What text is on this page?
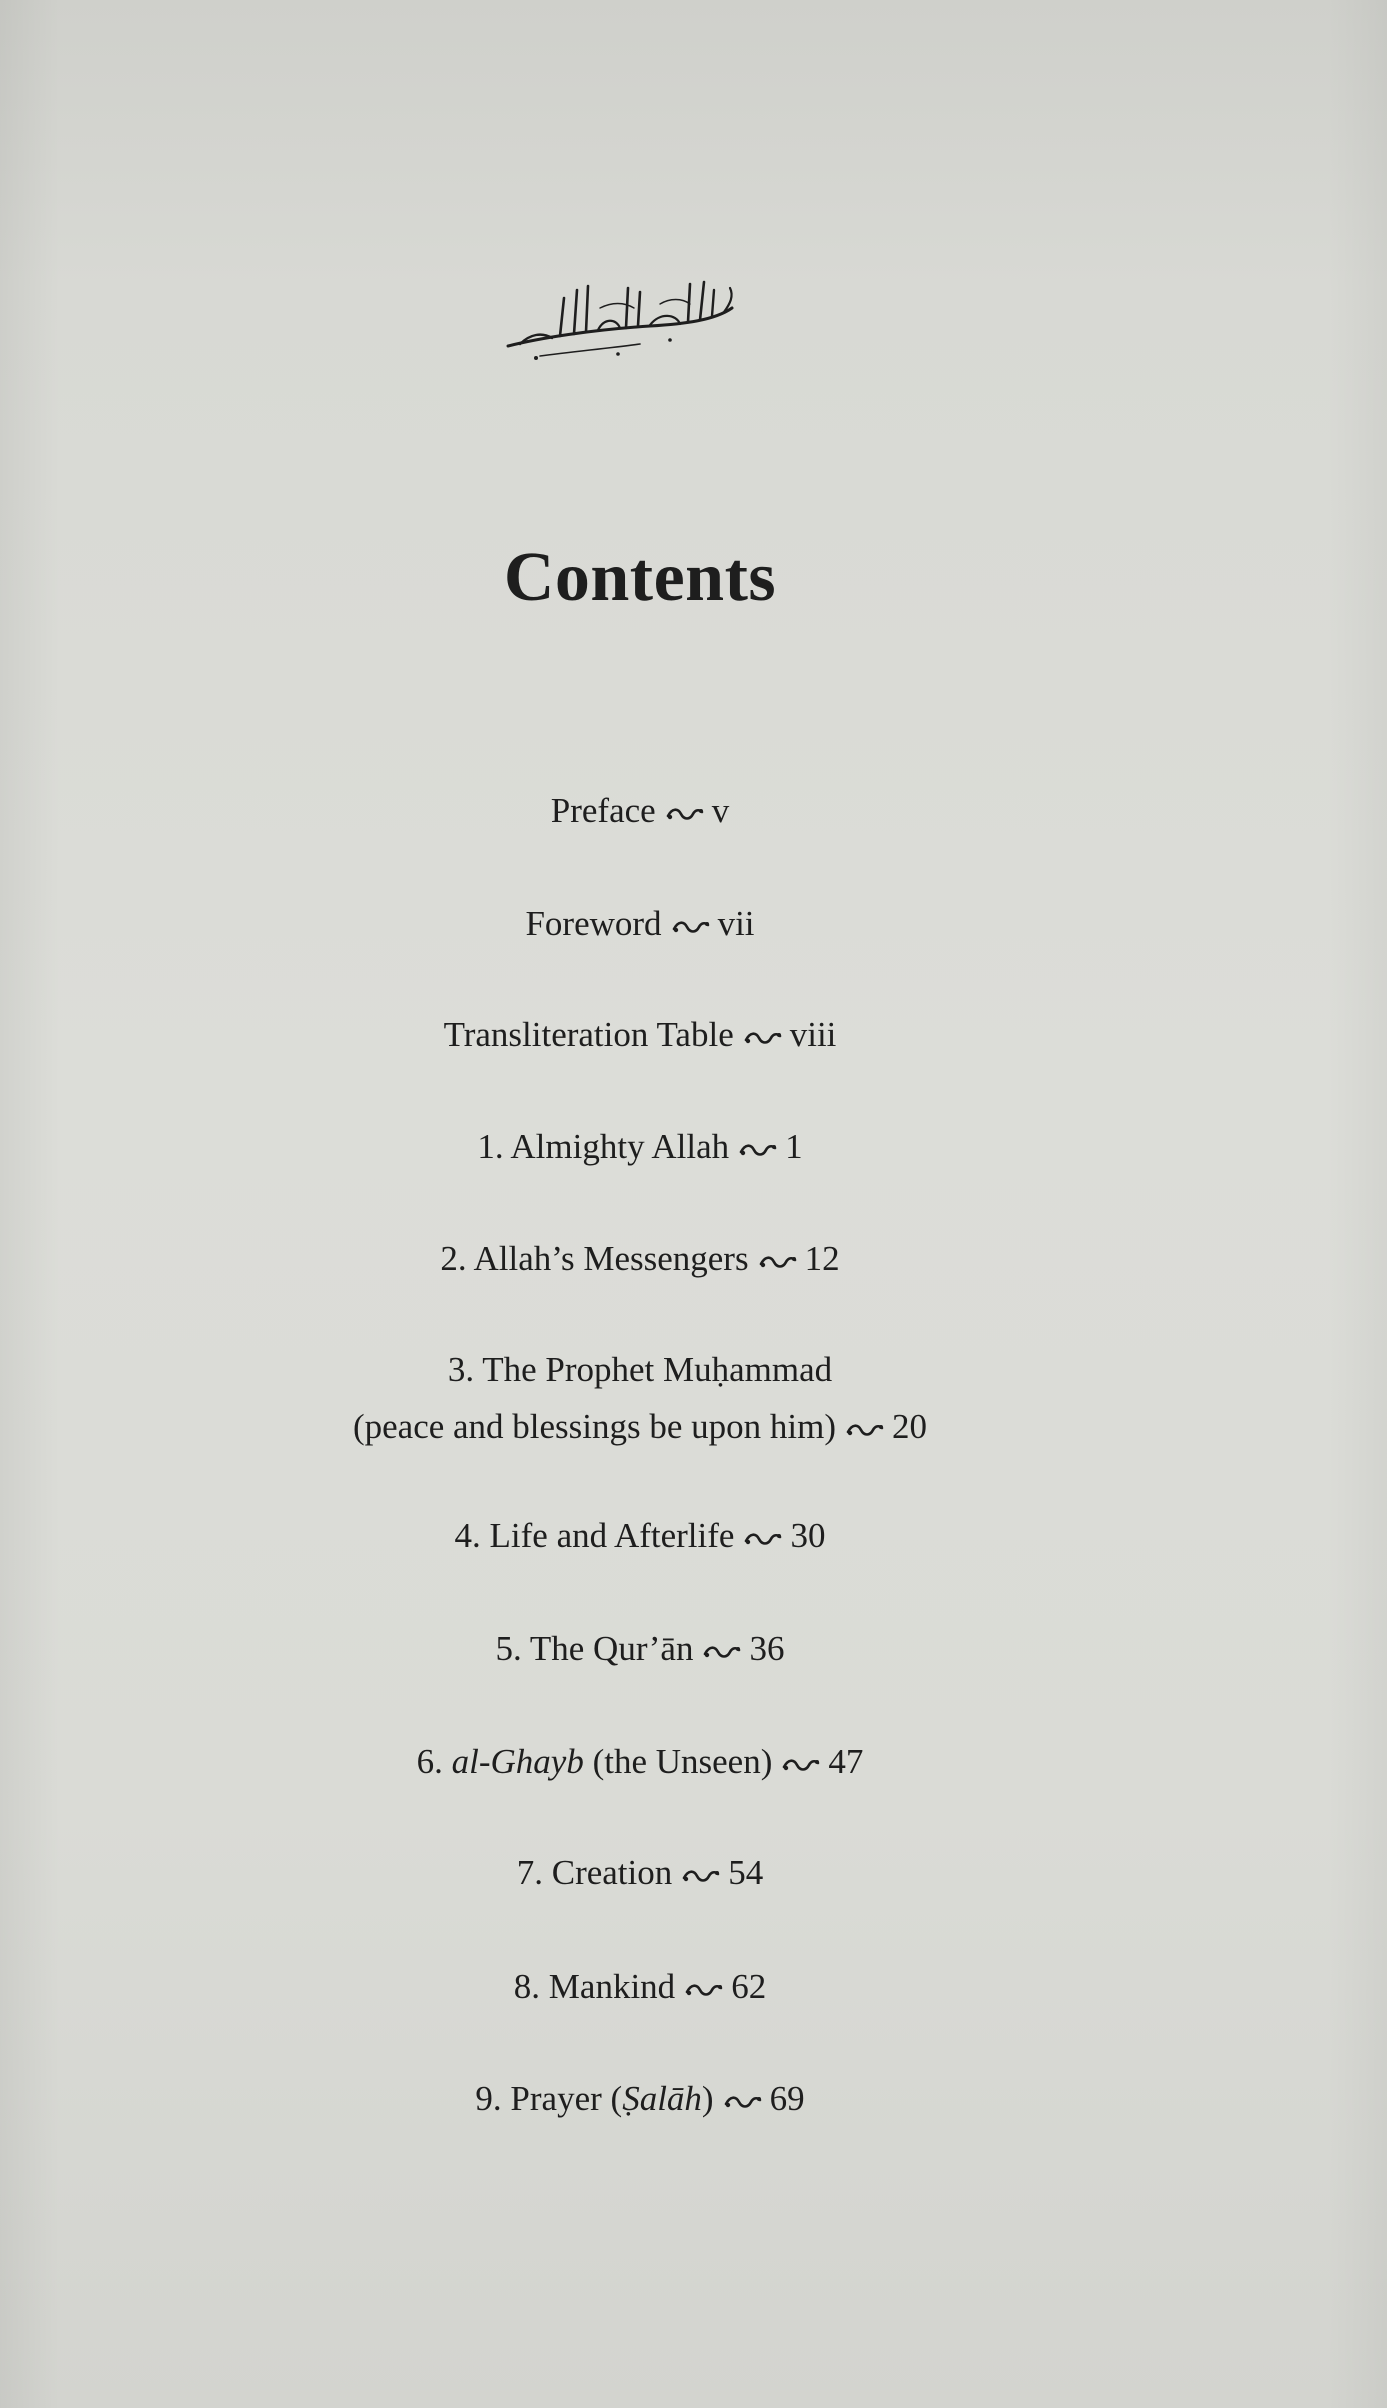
Contents
Preface v
Foreword vii
Transliteration Table viii
1. Almighty Allah 1
2. Allah’s Messengers 12
3. The Prophet Muḥammad
(peace and blessings be upon him) 20
4. Life and Afterlife 30
5. The Qur’ān 36
6. al-Ghayb (the Unseen) 47
7. Creation 54
8. Mankind 62
9. Prayer (Ṣalāh) 69
